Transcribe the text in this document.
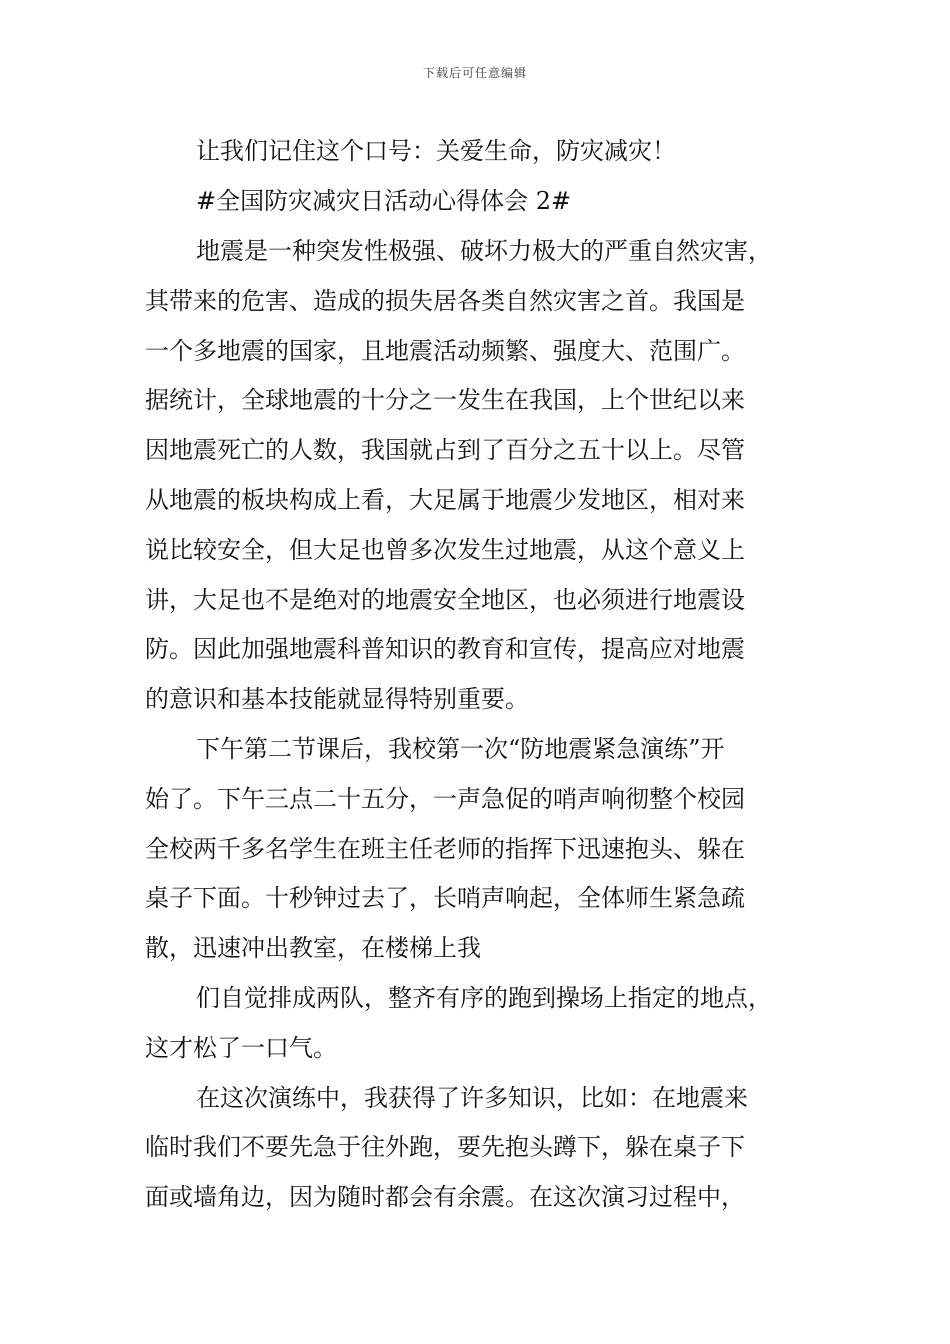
下载后可任意编辑
让我们记住这个口号：关爱生命，防灾减灾！
#全国防灾减灾日活动心得体会 2#
地震是一种突发性极强、破坏力极大的严重自然灾害，
其带来的危害、造成的损失居各类自然灾害之首。我国是
一个多地震的国家，且地震活动频繁、强度大、范围广。
据统计，全球地震的十分之一发生在我国，上个世纪以来
因地震死亡的人数，我国就占到了百分之五十以上。尽管
从地震的板块构成上看，大足属于地震少发地区，相对来
说比较安全，但大足也曾多次发生过地震，从这个意义上
讲，大足也不是绝对的地震安全地区，也必须进行地震设
防。因此加强地震科普知识的教育和宣传，提高应对地震
的意识和基本技能就显得特别重要。
下午第二节课后，我校第一次“防地震紧急演练”开
始了。下午三点二十五分，一声急促的哨声响彻整个校园
全校两千多名学生在班主任老师的指挥下迅速抱头、躲在
桌子下面。十秒钟过去了，长哨声响起，全体师生紧急疏
散，迅速冲出教室，在楼梯上我
们自觉排成两队，整齐有序的跑到操场上指定的地点，
这才松了一口气。
在这次演练中，我获得了许多知识，比如：在地震来
临时我们不要先急于往外跑，要先抱头蹲下，躲在桌子下
面或墙角边，因为随时都会有余震。在这次演习过程中，
